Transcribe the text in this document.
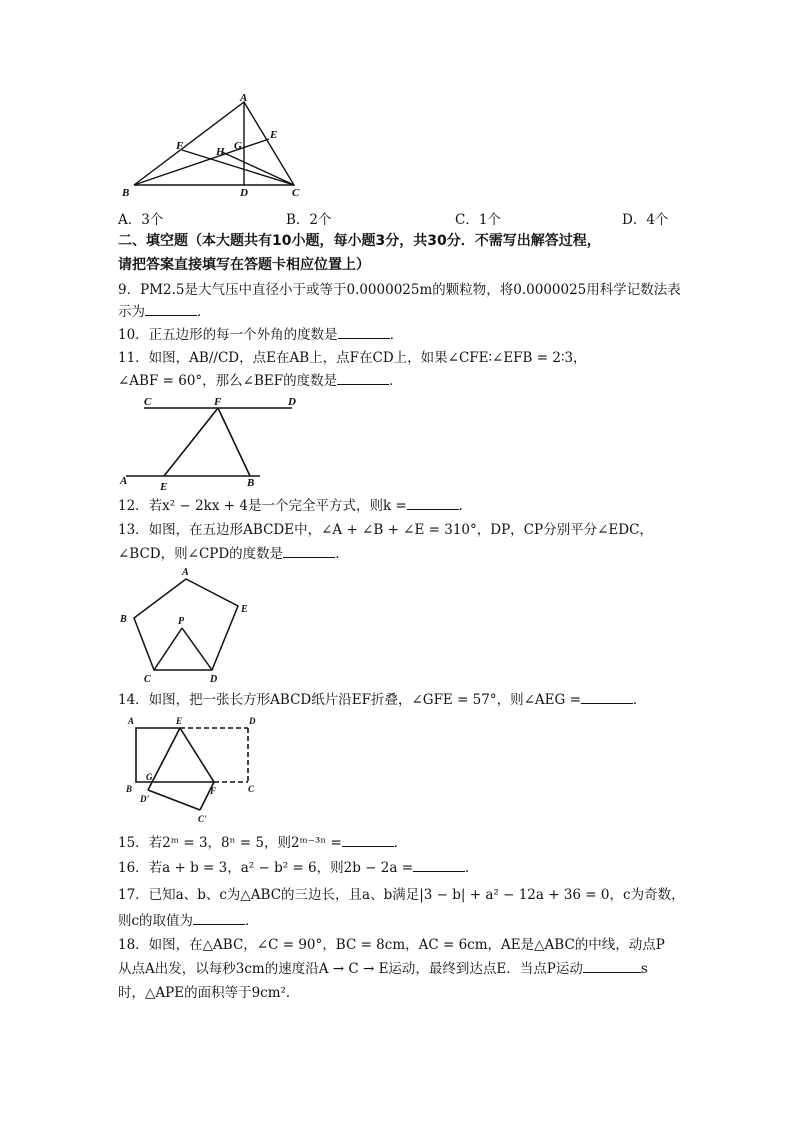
A
B	C
D
E
F	G
H
A．3个	B．2个	C．1个	D．4个
二、填空题（本大题共有10小题，每小题3分，共30分．不需写出解答过程，
请把答案直接填写在答题卡相应位置上）
9．PM2.5是大气压中直径小于或等于0.0000025m的颗粒物，将0.0000025用科学记数法表
示为	．
10．正五边形的每一个外角的度数是	．
11．如图，AB//CD，点E在AB上，点F在CD上，如果∠CFE∶∠EFB = 2∶3，
∠ABF = 60°，那么∠BEF的度数是	．
C	F	D
A	E	B
12．若x² − 2kx + 4是一个完全平方式，则k =	．
13．如图，在五边形ABCDE中，∠A + ∠B + ∠E = 310°，DP，CP分别平分∠EDC，
∠BCD，则∠CPD的度数是	．
A
B
C	D
E
P
14．如图，把一张长方形ABCD纸片沿EF折叠，∠GFE = 57°，则∠AEG =	．
A	E	D
B
G
D'
F	C
C'
15．若2ᵐ = 3，8ⁿ = 5，则2ᵐ⁻³ⁿ =	．
16．若a + b = 3，a² − b² = 6，则2b − 2a =	．
17．已知a、b、c为△ABC的三边长，且a、b满足|3 − b| + a² − 12a + 36 = 0，c为奇数，
则c的取值为	．
18．如图，在△ABC，∠C = 90°，BC = 8cm，AC = 6cm，AE是△ABC的中线，动点P
从点A出发，以每秒3cm的速度沿A → C → E运动，最终到达点E．当点P运动	s
时，△APE的面积等于9cm²．
